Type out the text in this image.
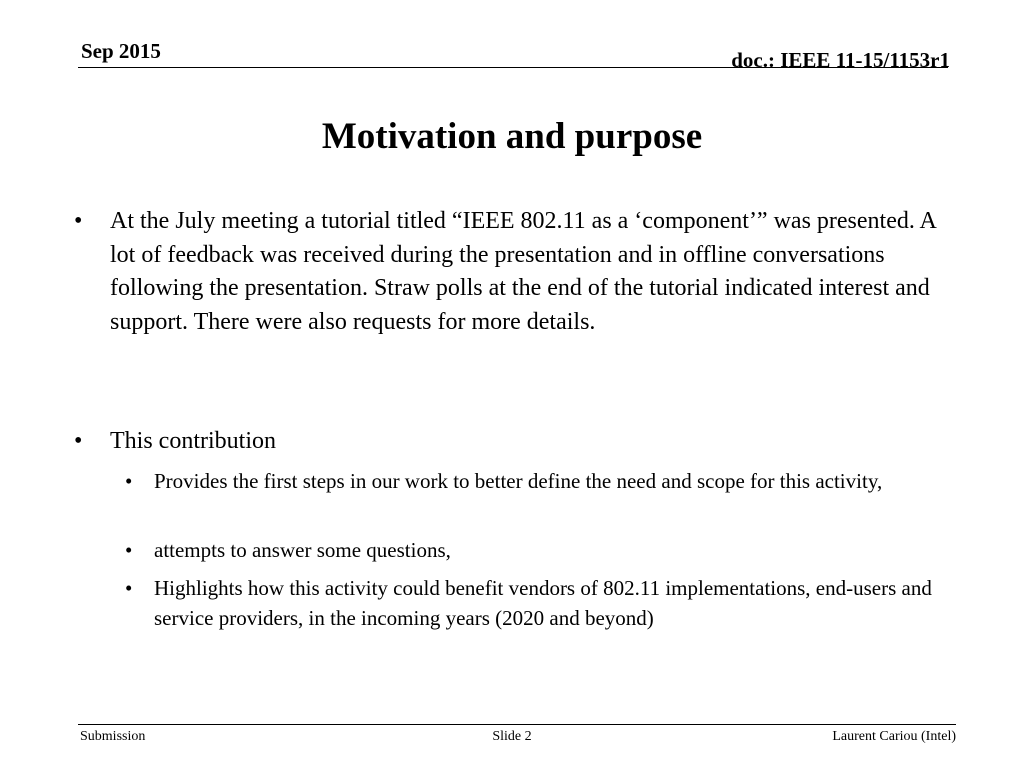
Sep 2015	doc.: IEEE 11-15/1153r1
Motivation and purpose
•	At the July meeting a tutorial titled “IEEE 802.11 as a ‘component’” was presented. A lot of feedback was received during the presentation and in offline conversations following the presentation. Straw polls at the end of the tutorial indicated interest and support. There were also requests for more details.
•	This contribution
•	Provides the first steps in our work to better define the need and scope for this activity,
•	attempts to answer some questions,
•	Highlights how this activity could benefit vendors of 802.11 implementations, end-users and service providers, in the incoming years (2020 and beyond)
Submission	Slide 2	Laurent Cariou (Intel)
